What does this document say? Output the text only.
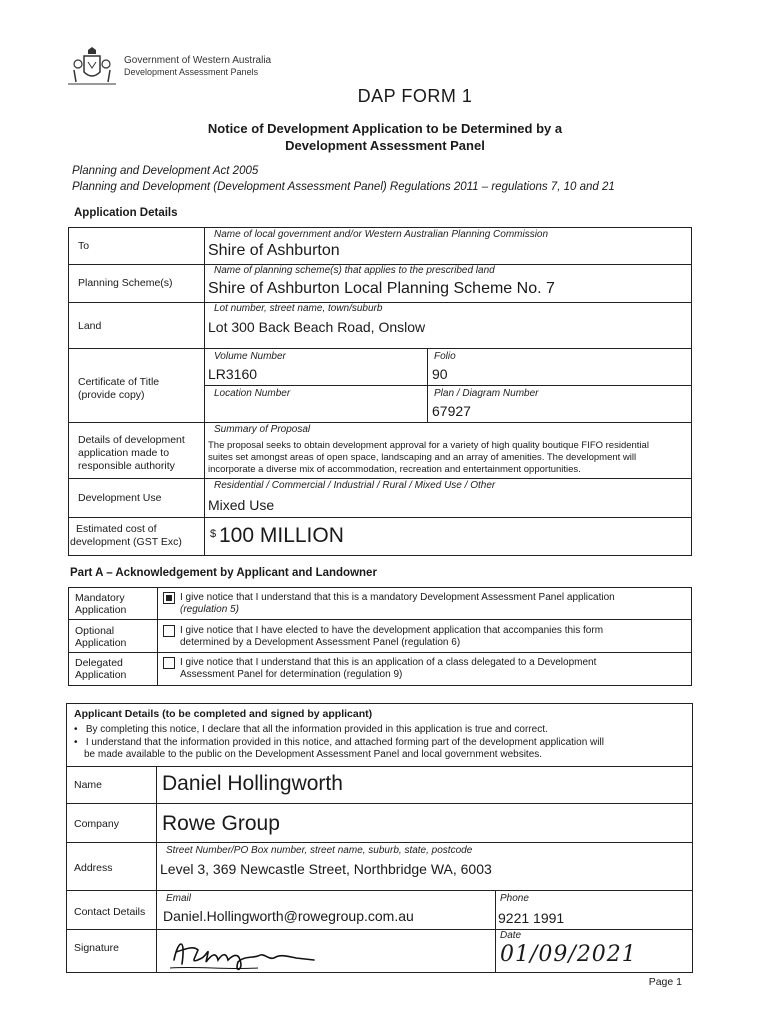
Government of Western Australia
Development Assessment Panels
DAP FORM 1
Notice of Development Application to be Determined by a
Development Assessment Panel
Planning and Development Act 2005
Planning and Development (Development Assessment Panel) Regulations 2011 – regulations 7, 10 and 21
Application Details
To
Name of local government and/or Western Australian Planning Commission
Shire of Ashburton
Planning Scheme(s)
Name of planning scheme(s) that applies to the prescribed land
Shire of Ashburton Local Planning Scheme No. 7
Land
Lot number, street name, town/suburb
Lot 300 Back Beach Road, Onslow
Certificate of Title
(provide copy)
Volume Number
LR3160
Folio
90
Location Number	Plan / Diagram Number
67927
Details of development
application made to
responsible authority
Summary of Proposal
The proposal seeks to obtain development approval for a variety of high quality boutique FIFO residential
suites set amongst areas of open space, landscaping and an array of amenities. The development will
incorporate a diverse mix of accommodation, recreation and entertainment opportunities.
Development Use
Residential / Commercial / Industrial / Rural / Mixed Use / Other
Mixed Use
Estimated cost of
development (GST Exc)
$ 100 MILLION
Part A – Acknowledgement by Applicant and Landowner
Mandatory
Application
I give notice that I understand that this is a mandatory Development Assessment Panel application
(regulation 5)
Optional
Application
I give notice that I have elected to have the development application that accompanies this form
determined by a Development Assessment Panel (regulation 6)
Delegated
Application
I give notice that I understand that this is an application of a class delegated to a Development
Assessment Panel for determination (regulation 9)
Applicant Details (to be completed and signed by applicant)
•   By completing this notice, I declare that all the information provided in this application is true and correct.
•   I understand that the information provided in this notice, and attached forming part of the development application will
be made available to the public on the Development Assessment Panel and local government websites.
Name	Daniel Hollingworth
Company Rowe Group
Address
Street Number/PO Box number, street name, suburb, state, postcode
Level 3, 369 Newcastle Street, Northbridge WA, 6003
Contact Details
Email
Daniel.Hollingworth@rowegroup.com.au
Phone
9221 1991
Signature
Date
01/09/2021
Page 1
